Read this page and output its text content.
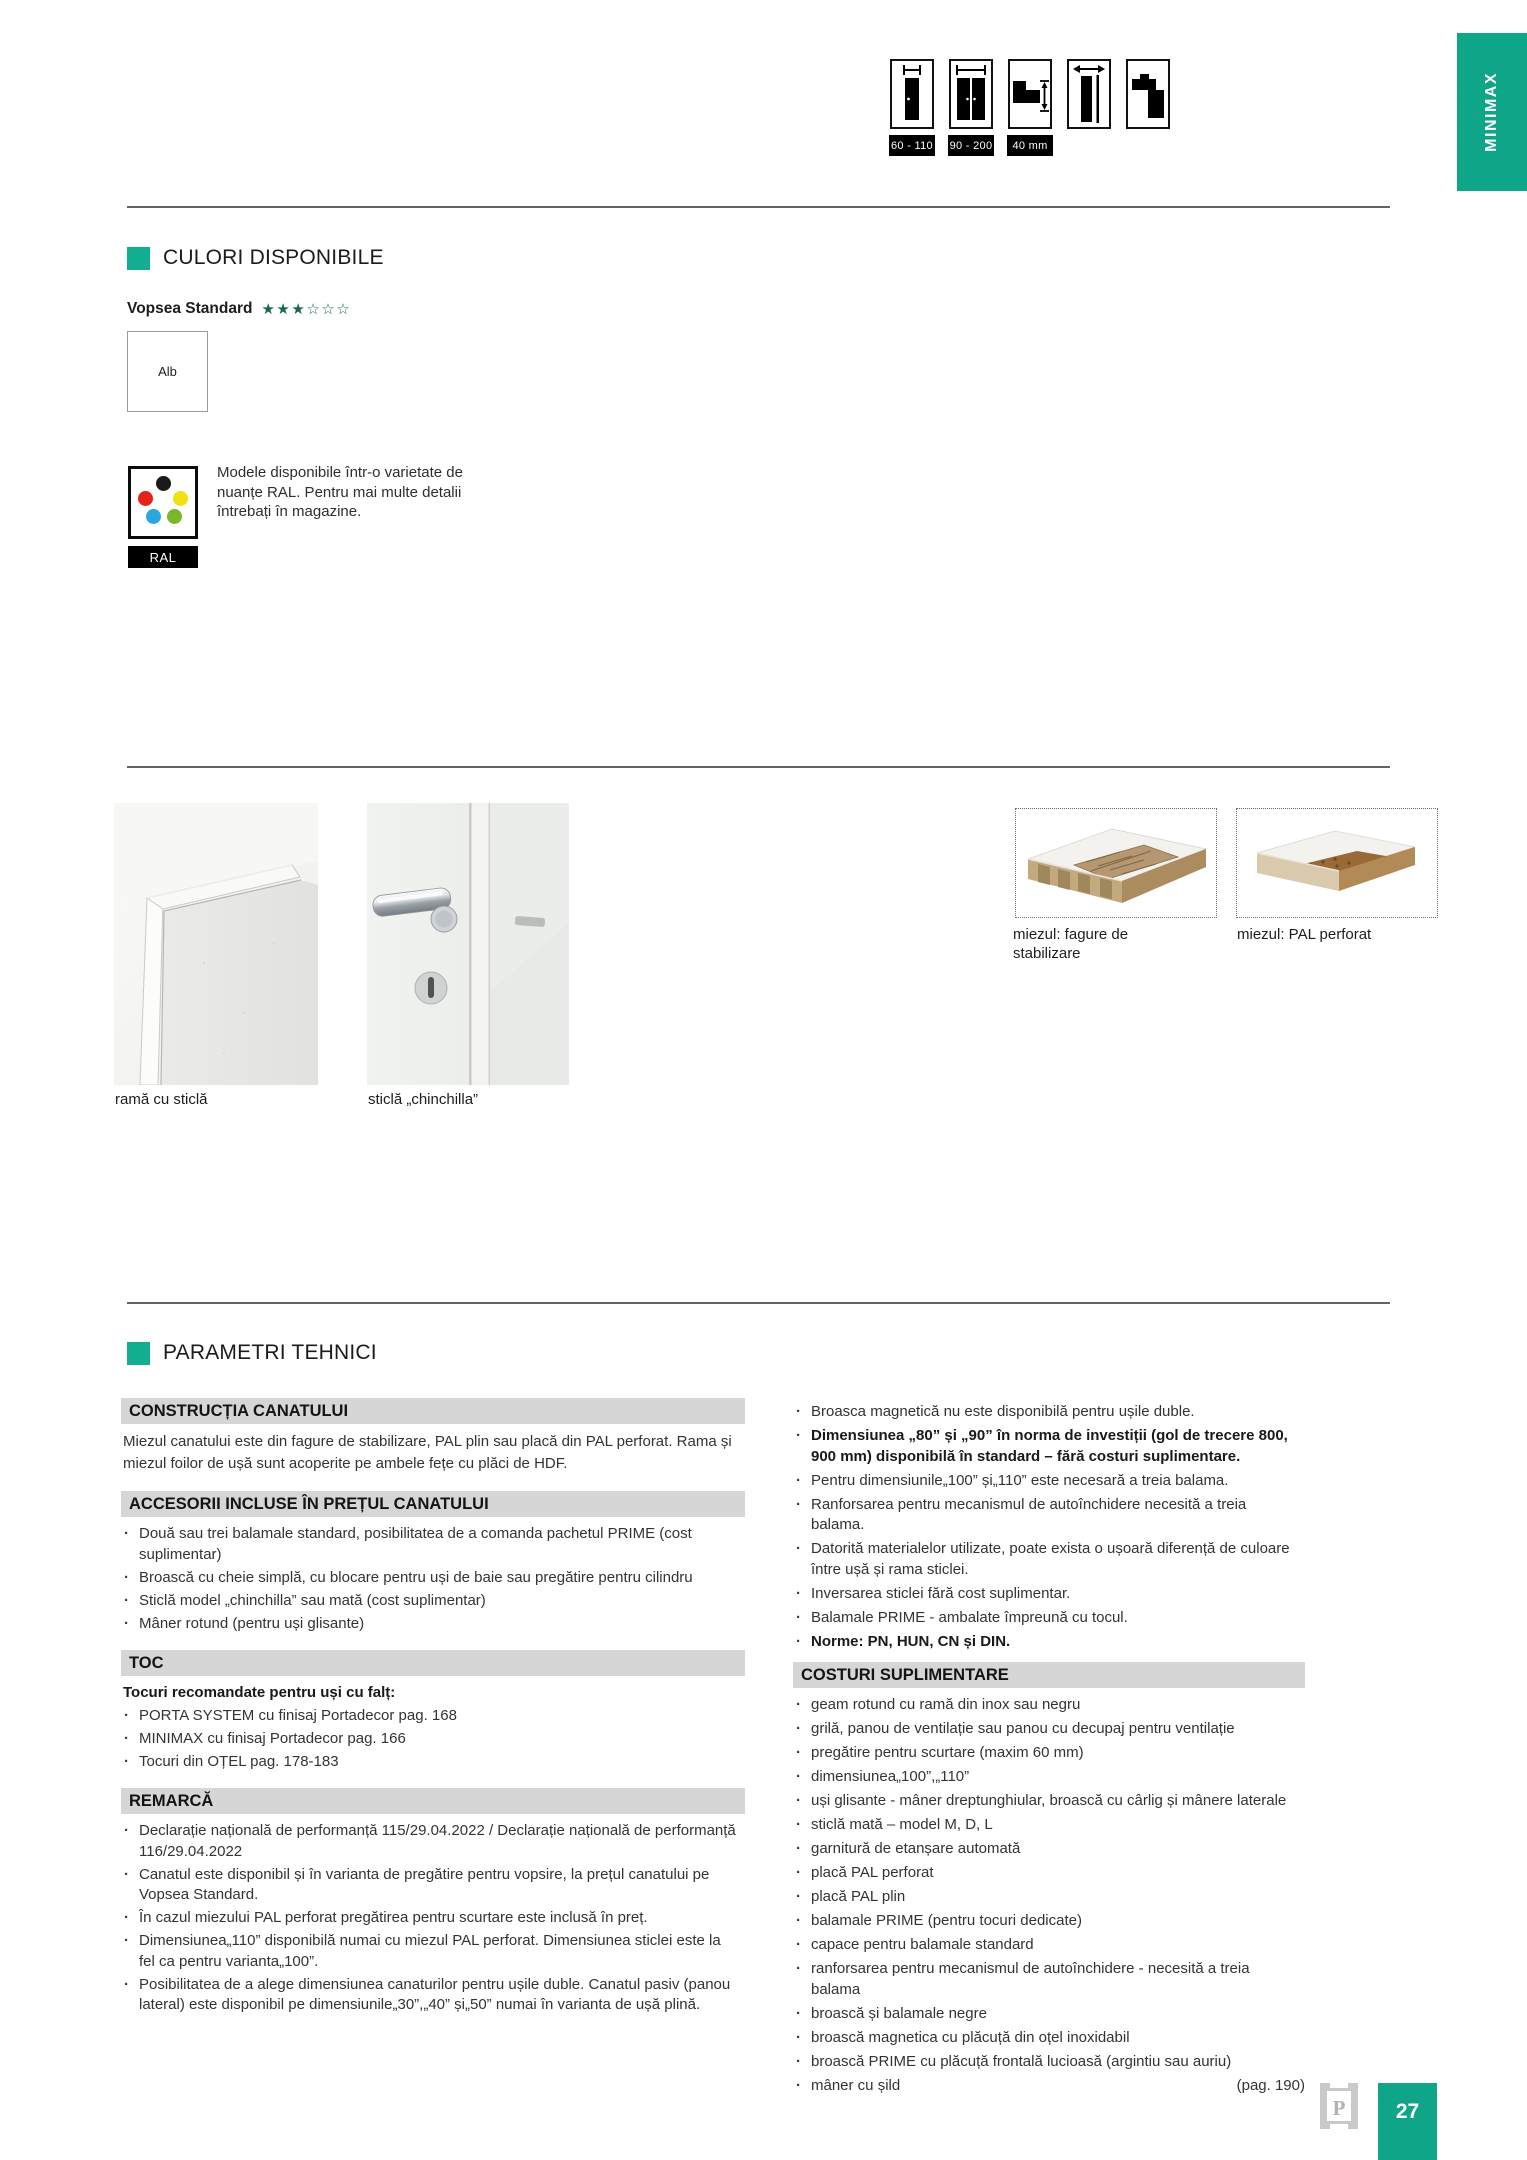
60 - 110 90 - 200	40 mm	MINIMAX
CULORI DISPONIBILE
Vopsea Standard ★★★☆☆☆
Alb
RAL
Modele disponibile într-o varietate de nuanțe RAL. Pentru mai multe detalii întrebați în magazine.
ramă cu sticlă	sticlă „chinchilla”
miezul: fagure de stabilizare
miezul: PAL perforat
PARAMETRI TEHNICI
CONSTRUCȚIA CANATULUI

Miezul canatului este din fagure de stabilizare, PAL plin sau placă din PAL perforat. Rama și miezul foilor de ușă sunt acoperite pe ambele fețe cu plăci de HDF.

ACCESORII INCLUSE ÎN PREȚUL CANATULUI
· Două sau trei balamale standard, posibilitatea de a comanda pachetul PRIME (cost suplimentar)
· Broască cu cheie simplă, cu blocare pentru uși de baie sau pregătire pentru cilindru
· Sticlă model „chinchilla” sau mată (cost suplimentar)
· Mâner rotund (pentru uși glisante)
TOC

Tocuri recomandate pentru uși cu falț:

· PORTA SYSTEM cu finisaj Portadecor pag. 168
· MINIMAX cu finisaj Portadecor pag. 166
· Tocuri din OȚEL pag. 178-183
REMARCĂ
· Declarație națională de performanță 115/29.04.2022 / Declarație națională de performanță 116/29.04.2022
· Canatul este disponibil și în varianta de pregătire pentru vopsire, la prețul canatului pe Vopsea Standard.
· În cazul miezului PAL perforat pregătirea pentru scurtare este inclusă în preț.
· Dimensiunea„110” disponibilă numai cu miezul PAL perforat. Dimensiunea sticlei este la fel ca pentru varianta„100”.
· Posibilitatea de a alege dimensiunea canaturilor pentru ușile duble. Canatul pasiv (panou lateral) este disponibil pe dimensiunile„30”,„40” și„50” numai în varianta de ușă plină.
· Broasca magnetică nu este disponibilă pentru ușile duble.
· Dimensiunea „80” și „90” în norma de investiții (gol de trecere 800, 900 mm) disponibilă în standard – fără costuri suplimentare.
· Pentru dimensiunile„100” și„110” este necesară a treia balama.
· Ranforsarea pentru mecanismul de autoînchidere necesită a treia balama.
· Datorită materialelor utilizate, poate exista o ușoară diferență de culoare între ușă și rama sticlei.
· Inversarea sticlei fără cost suplimentar.
· Balamale PRIME - ambalate împreună cu tocul.
· Norme: PN, HUN, CN și DIN.
COSTURI SUPLIMENTARE
· geam rotund cu ramă din inox sau negru
· grilă, panou de ventilație sau panou cu decupaj pentru ventilație
· pregătire pentru scurtare (maxim 60 mm)
· dimensiunea„100”,„110”
· uși glisante - mâner dreptunghiular, broască cu cârlig și mânere laterale
· sticlă mată – model M, D, L
· garnitură de etanșare automată
· placă PAL perforat
· placă PAL plin
· balamale PRIME (pentru tocuri dedicate)
· capace pentru balamale standard
· ranforsarea pentru mecanismul de autoînchidere - necesită a treia balama
· broască și balamale negre
· broască magnetica cu plăcuță din oțel inoxidabil
· broască PRIME cu plăcuță frontală lucioasă (argintiu sau auriu)
· mâner cu șild	(pag. 190)
P	27
